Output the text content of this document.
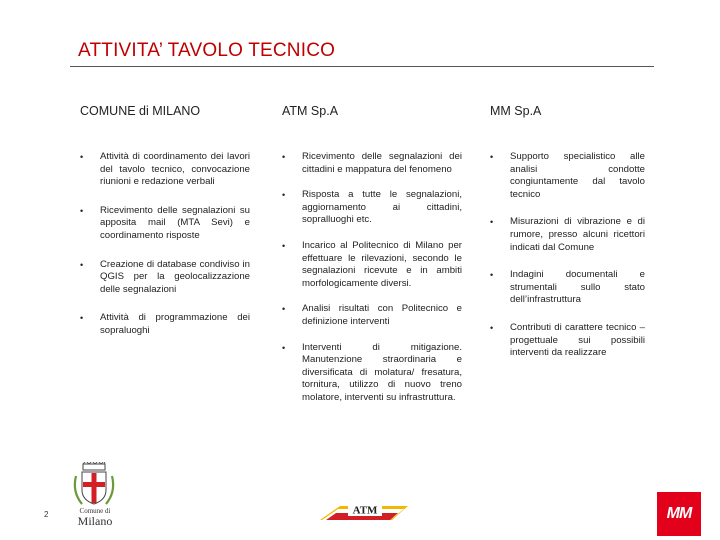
ATTIVITA’ TAVOLO TECNICO
COMUNE di MILANO
• Attività di coordinamento dei lavori del tavolo tecnico, convocazione riunioni e redazione verbali
• Ricevimento delle segnalazioni su apposita mail (MTA Sevi) e coordinamento risposte
• Creazione di database condiviso in QGIS per la geolocalizzazione delle segnalazioni
• Attività di programmazione dei sopraluoghi
ATM Sp.A
• Ricevimento delle segnalazioni dei cittadini e mappatura del fenomeno
• Risposta a tutte le segnalazioni, aggiornamento ai cittadini, sopralluoghi etc.
• Incarico al Politecnico di Milano per effettuare le rilevazioni, secondo le segnalazioni ricevute e in ambiti morfologicamente diversi.
• Analisi risultati con Politecnico e definizione interventi
• Interventi di mitigazione. Manutenzione straordinaria e diversificata di molatura/ fresatura, tornitura, utilizzo di nuovo treno molatore, interventi su infrastruttura.
MM Sp.A
• Supporto specialistico alle analisi condotte congiuntamente dal tavolo tecnico
• Misurazioni di vibrazione e di rumore, presso alcuni ricettori indicati dal Comune
• Indagini documentali e strumentali sullo stato dell’infrastruttura
• Contributi di carattere tecnico – progettuale sui possibili interventi da realizzare
2	Comune di
Milano
ATM	MM
